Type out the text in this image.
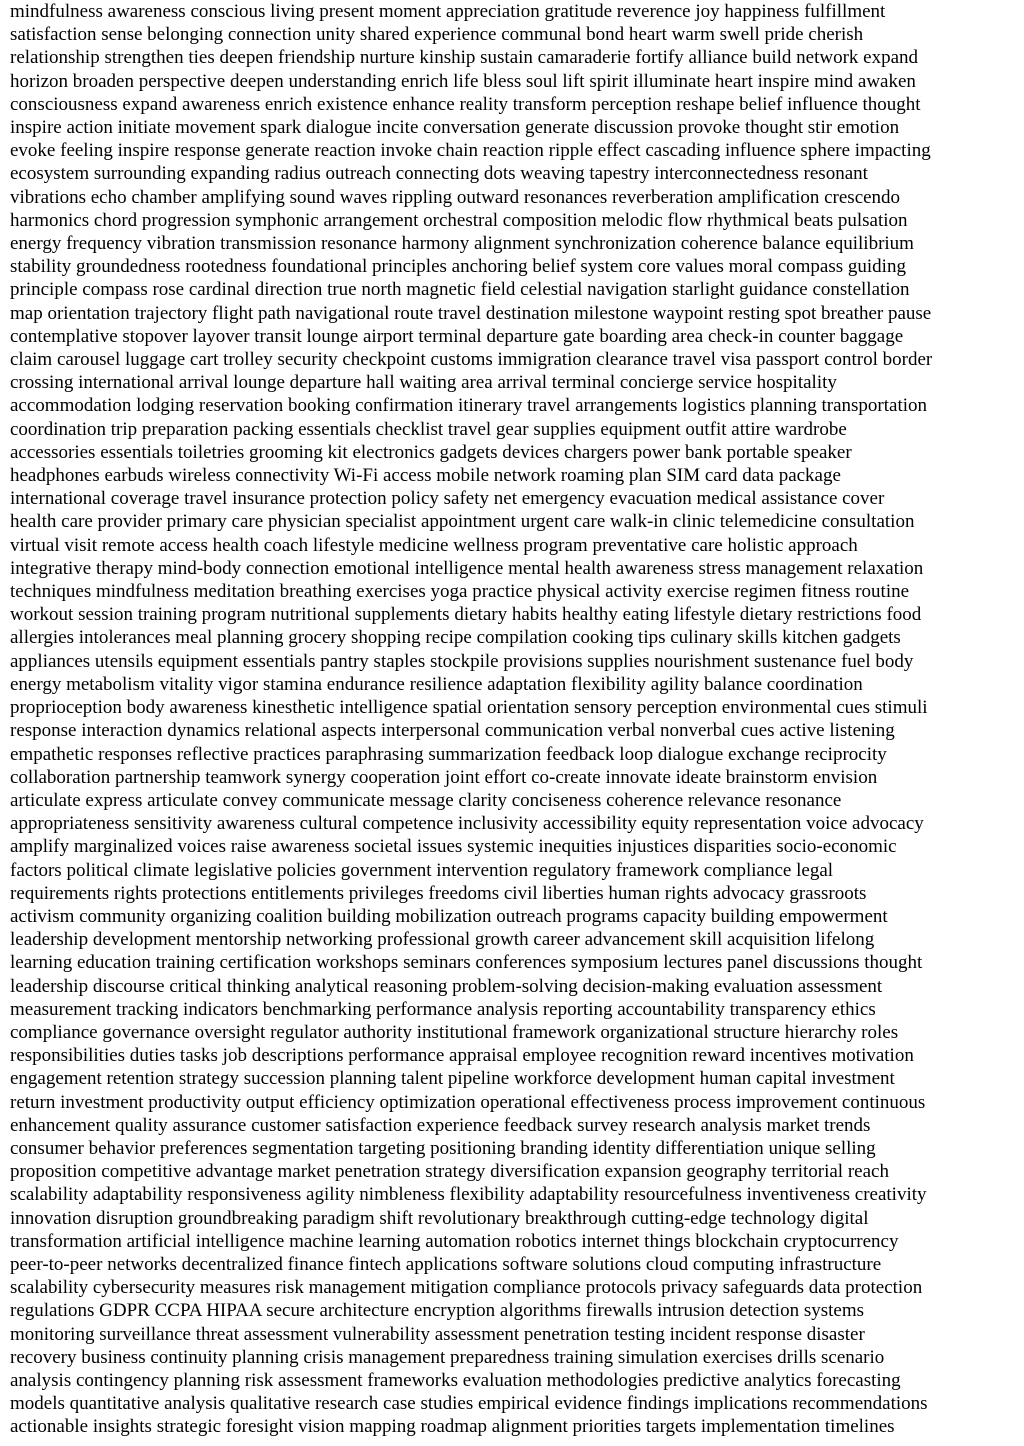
mindfulness awareness conscious living present moment appreciation gratitude reverence joy happiness fulfillment
satisfaction sense belonging connection unity shared experience communal bond heart warm swell pride cherish
relationship strengthen ties deepen friendship nurture kinship sustain camaraderie fortify alliance build network expand
horizon broaden perspective deepen understanding enrich life bless soul lift spirit illuminate heart inspire mind awaken
consciousness expand awareness enrich existence enhance reality transform perception reshape belief influence thought
inspire action initiate movement spark dialogue incite conversation generate discussion provoke thought stir emotion
evoke feeling inspire response generate reaction invoke chain reaction ripple effect cascading influence sphere impacting
ecosystem surrounding expanding radius outreach connecting dots weaving tapestry interconnectedness resonant
vibrations echo chamber amplifying sound waves rippling outward resonances reverberation amplification crescendo
harmonics chord progression symphonic arrangement orchestral composition melodic flow rhythmical beats pulsation
energy frequency vibration transmission resonance harmony alignment synchronization coherence balance equilibrium
stability groundedness rootedness foundational principles anchoring belief system core values moral compass guiding
principle compass rose cardinal direction true north magnetic field celestial navigation starlight guidance constellation
map orientation trajectory flight path navigational route travel destination milestone waypoint resting spot breather pause
contemplative stopover layover transit lounge airport terminal departure gate boarding area check-in counter baggage
claim carousel luggage cart trolley security checkpoint customs immigration clearance travel visa passport control border
crossing international arrival lounge departure hall waiting area arrival terminal concierge service hospitality
accommodation lodging reservation booking confirmation itinerary travel arrangements logistics planning transportation
coordination trip preparation packing essentials checklist travel gear supplies equipment outfit attire wardrobe
accessories essentials toiletries grooming kit electronics gadgets devices chargers power bank portable speaker
headphones earbuds wireless connectivity Wi-Fi access mobile network roaming plan SIM card data package
international coverage travel insurance protection policy safety net emergency evacuation medical assistance cover
health care provider primary care physician specialist appointment urgent care walk-in clinic telemedicine consultation
virtual visit remote access health coach lifestyle medicine wellness program preventative care holistic approach
integrative therapy mind-body connection emotional intelligence mental health awareness stress management relaxation
techniques mindfulness meditation breathing exercises yoga practice physical activity exercise regimen fitness routine
workout session training program nutritional supplements dietary habits healthy eating lifestyle dietary restrictions food
allergies intolerances meal planning grocery shopping recipe compilation cooking tips culinary skills kitchen gadgets
appliances utensils equipment essentials pantry staples stockpile provisions supplies nourishment sustenance fuel body
energy metabolism vitality vigor stamina endurance resilience adaptation flexibility agility balance coordination
proprioception body awareness kinesthetic intelligence spatial orientation sensory perception environmental cues stimuli
response interaction dynamics relational aspects interpersonal communication verbal nonverbal cues active listening
empathetic responses reflective practices paraphrasing summarization feedback loop dialogue exchange reciprocity
collaboration partnership teamwork synergy cooperation joint effort co-create innovate ideate brainstorm envision
articulate express articulate convey communicate message clarity conciseness coherence relevance resonance
appropriateness sensitivity awareness cultural competence inclusivity accessibility equity representation voice advocacy
amplify marginalized voices raise awareness societal issues systemic inequities injustices disparities socio-economic
factors political climate legislative policies government intervention regulatory framework compliance legal
requirements rights protections entitlements privileges freedoms civil liberties human rights advocacy grassroots
activism community organizing coalition building mobilization outreach programs capacity building empowerment
leadership development mentorship networking professional growth career advancement skill acquisition lifelong
learning education training certification workshops seminars conferences symposium lectures panel discussions thought
leadership discourse critical thinking analytical reasoning problem-solving decision-making evaluation assessment
measurement tracking indicators benchmarking performance analysis reporting accountability transparency ethics
compliance governance oversight regulator authority institutional framework organizational structure hierarchy roles
responsibilities duties tasks job descriptions performance appraisal employee recognition reward incentives motivation
engagement retention strategy succession planning talent pipeline workforce development human capital investment
return investment productivity output efficiency optimization operational effectiveness process improvement continuous
enhancement quality assurance customer satisfaction experience feedback survey research analysis market trends
consumer behavior preferences segmentation targeting positioning branding identity differentiation unique selling
proposition competitive advantage market penetration strategy diversification expansion geography territorial reach
scalability adaptability responsiveness agility nimbleness flexibility adaptability resourcefulness inventiveness creativity
innovation disruption groundbreaking paradigm shift revolutionary breakthrough cutting-edge technology digital
transformation artificial intelligence machine learning automation robotics internet things blockchain cryptocurrency
peer-to-peer networks decentralized finance fintech applications software solutions cloud computing infrastructure
scalability cybersecurity measures risk management mitigation compliance protocols privacy safeguards data protection
regulations GDPR CCPA HIPAA secure architecture encryption algorithms firewalls intrusion detection systems
monitoring surveillance threat assessment vulnerability assessment penetration testing incident response disaster
recovery business continuity planning crisis management preparedness training simulation exercises drills scenario
analysis contingency planning risk assessment frameworks evaluation methodologies predictive analytics forecasting
models quantitative analysis qualitative research case studies empirical evidence findings implications recommendations
actionable insights strategic foresight vision mapping roadmap alignment priorities targets implementation timelines
